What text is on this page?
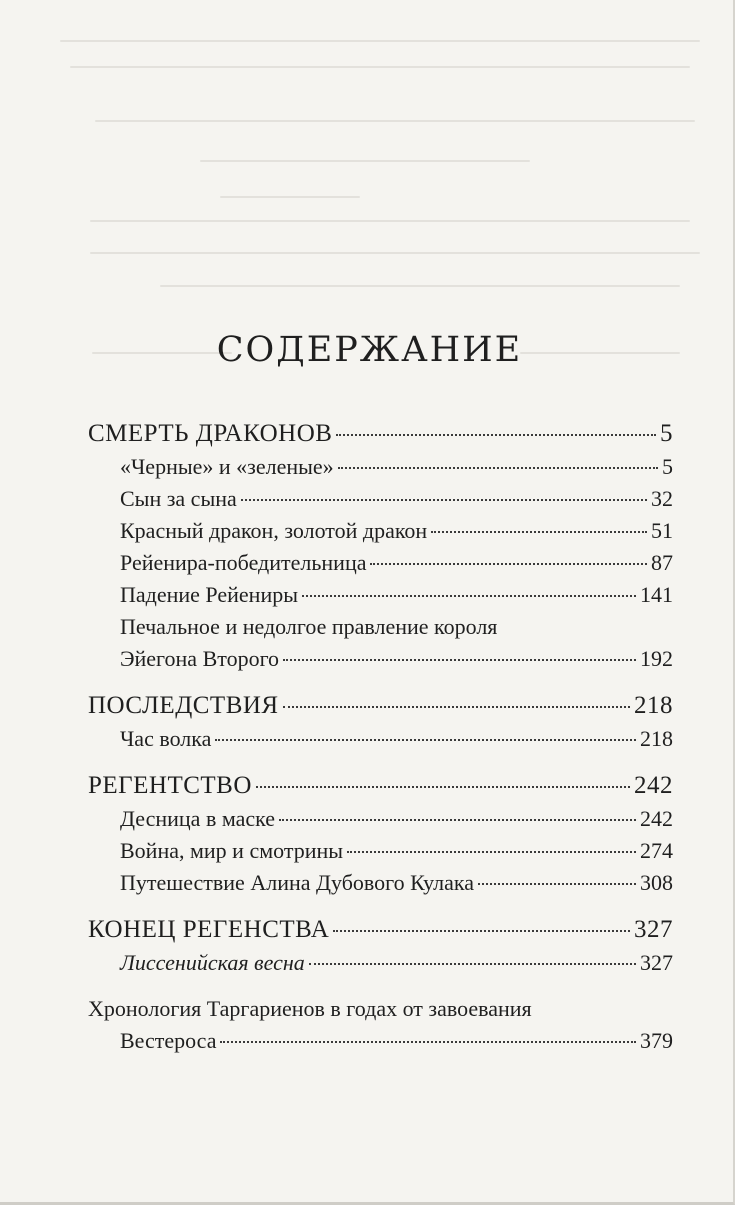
СОДЕРЖАНИЕ
СМЕРТЬ ДРАКОНОВ	5
«Черные» и «зеленые»	5
Сын за сына	32
Красный дракон, золотой дракон	51
Рейенира-победительница	87
Падение Рейениры	141
Печальное и недолгое правление короля
Эйегона Второго	192
ПОСЛЕДСТВИЯ	218
Час волка	218
РЕГЕНТСТВО	242
Десница в маске	242
Война, мир и смотрины	274
Путешествие Алина Дубового Кулака	308
КОНЕЦ РЕГЕНСТВА	327
Лиссенийская весна	327
Хронология Таргариенов в годах от завоевания
Вестероса	379
